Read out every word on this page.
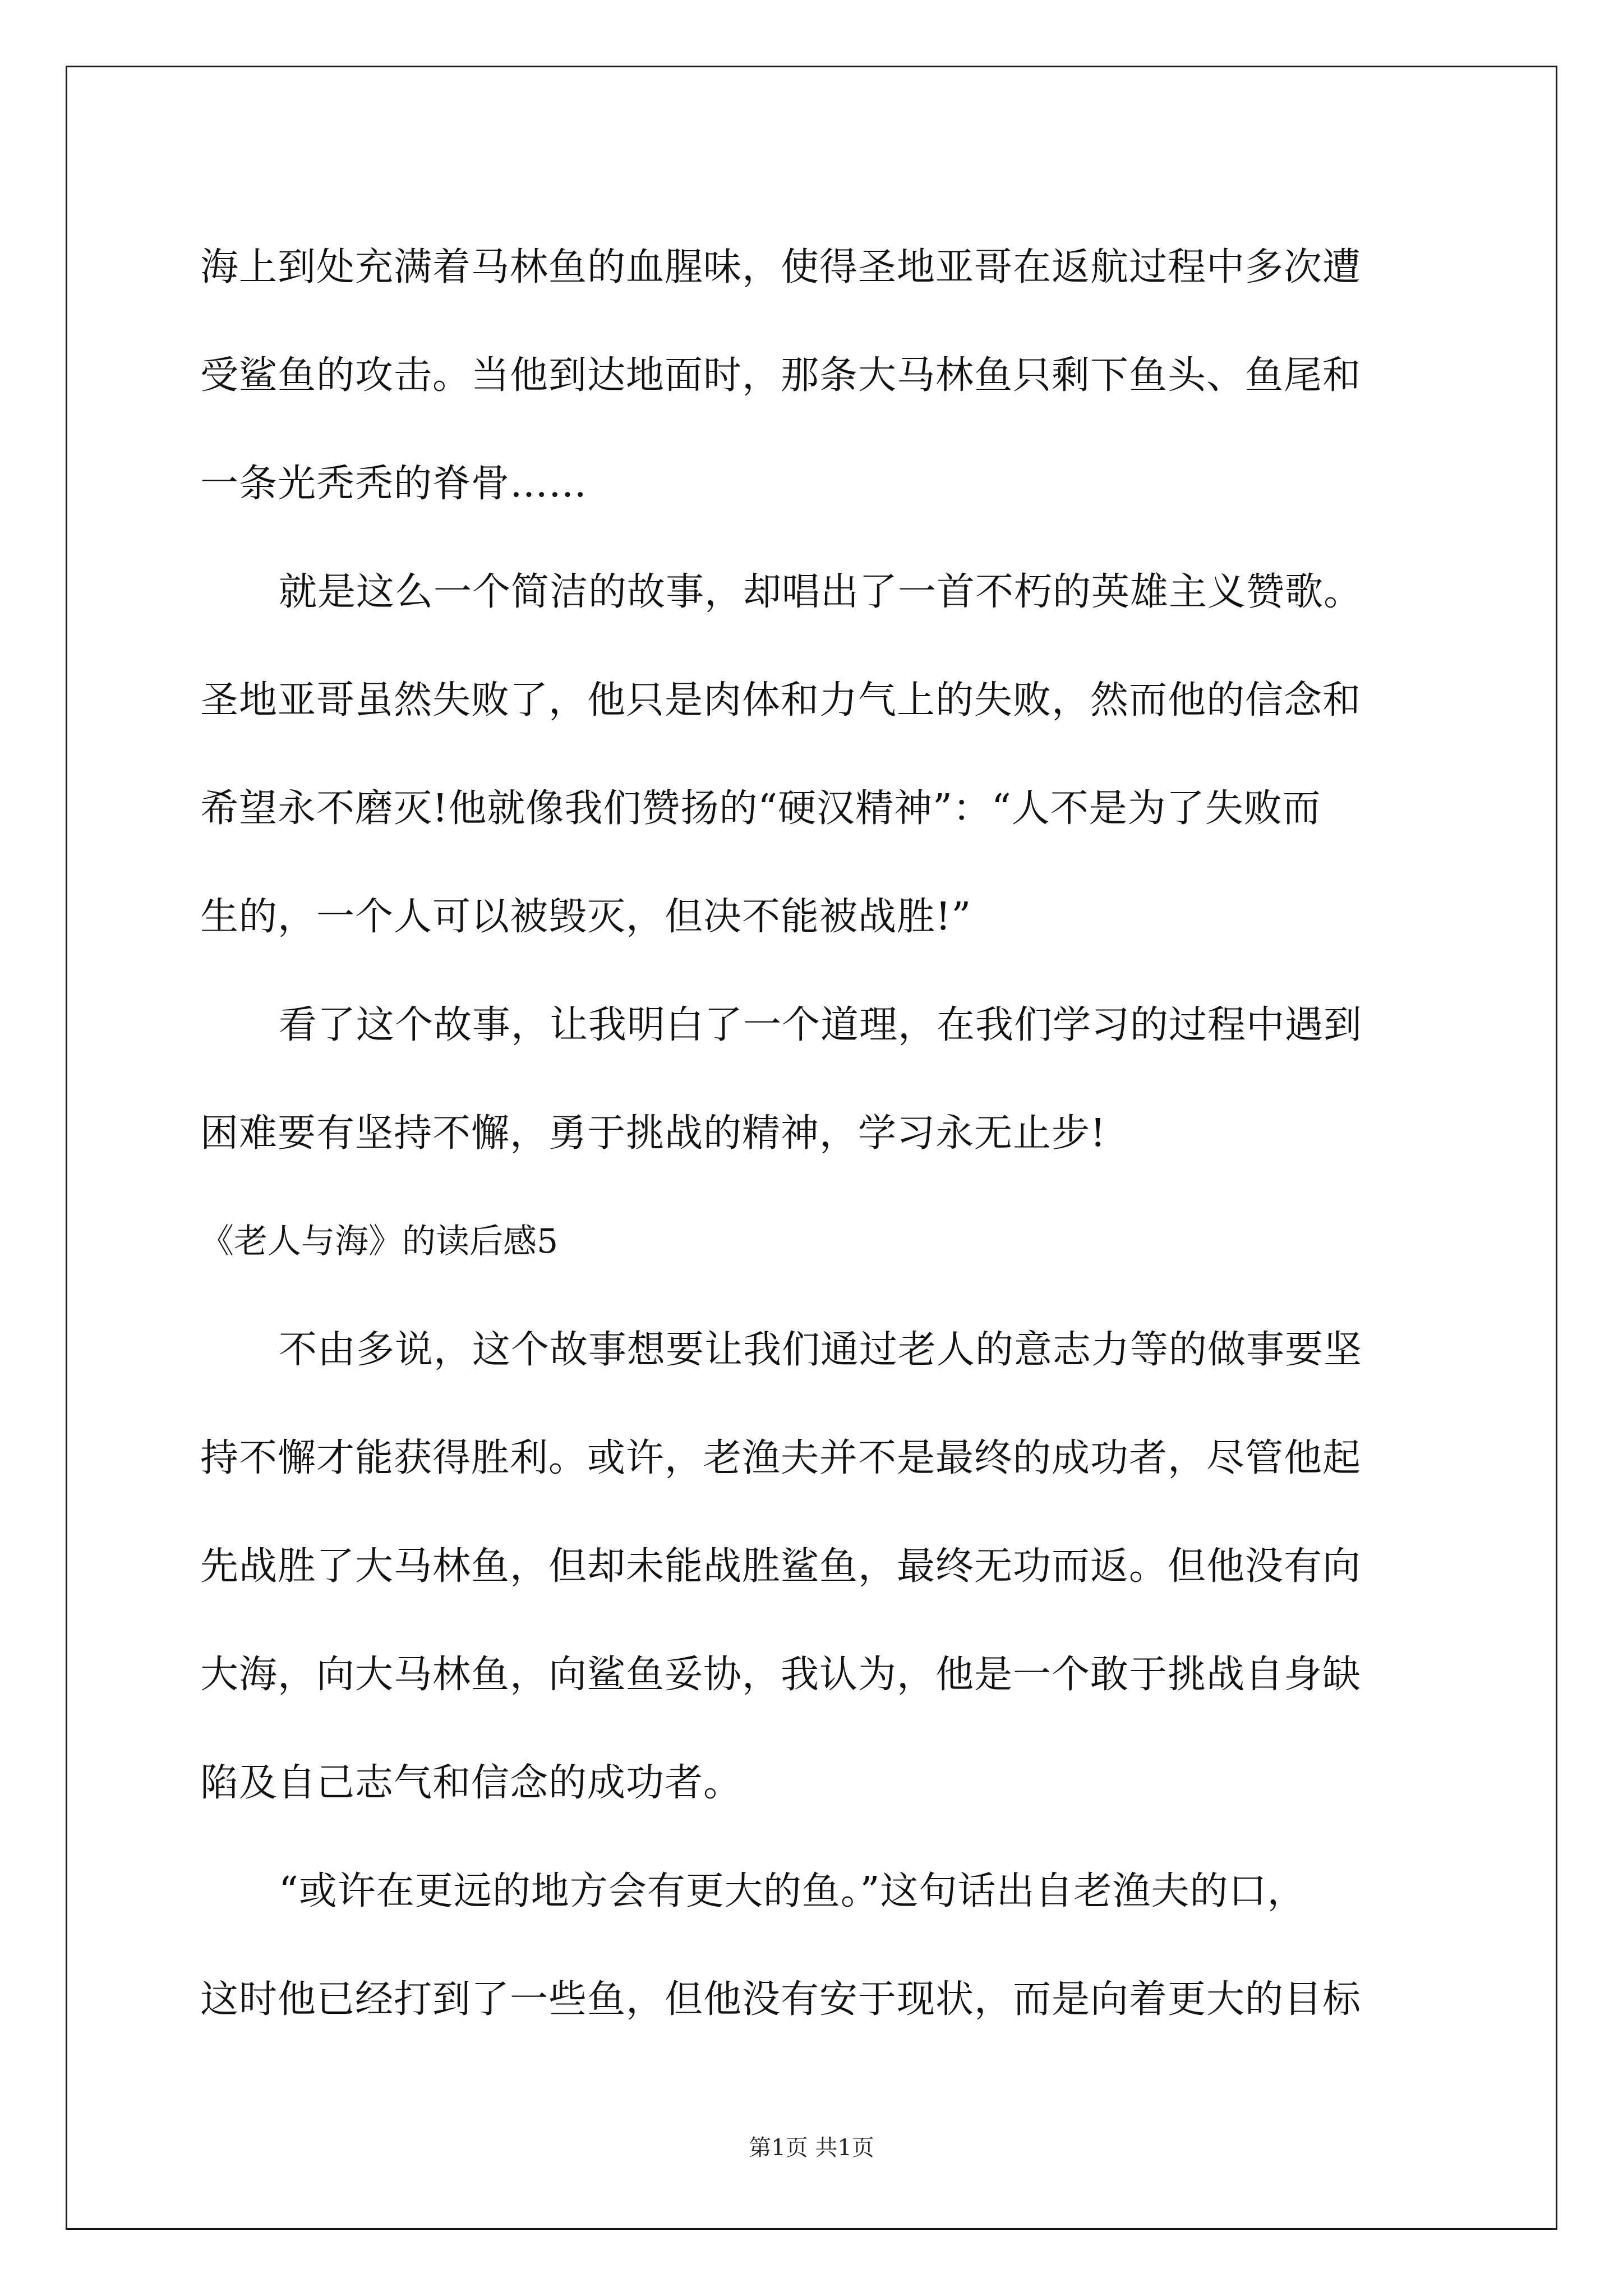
海上到处充满着马林鱼的血腥味，使得圣地亚哥在返航过程中多次遭
受鲨鱼的攻击。当他到达地面时，那条大马林鱼只剩下鱼头、鱼尾和
一条光秃秃的脊骨……
就是这么一个简洁的故事，却唱出了一首不朽的英雄主义赞歌。
圣地亚哥虽然失败了，他只是肉体和力气上的失败，然而他的信念和
希望永不磨灭!他就像我们赞扬的“硬汉精神”：“人不是为了失败而
生的，一个人可以被毁灭，但决不能被战胜!”
看了这个故事，让我明白了一个道理，在我们学习的过程中遇到
困难要有坚持不懈，勇于挑战的精神，学习永无止步!
《老人与海》的读后感5
不由多说，这个故事想要让我们通过老人的意志力等的做事要坚
持不懈才能获得胜利。或许，老渔夫并不是最终的成功者，尽管他起
先战胜了大马林鱼，但却未能战胜鲨鱼，最终无功而返。但他没有向
大海，向大马林鱼，向鲨鱼妥协，我认为，他是一个敢于挑战自身缺
陷及自己志气和信念的成功者。
“或许在更远的地方会有更大的鱼。”这句话出自老渔夫的口，
这时他已经打到了一些鱼，但他没有安于现状，而是向着更大的目标
第1页 共1页
